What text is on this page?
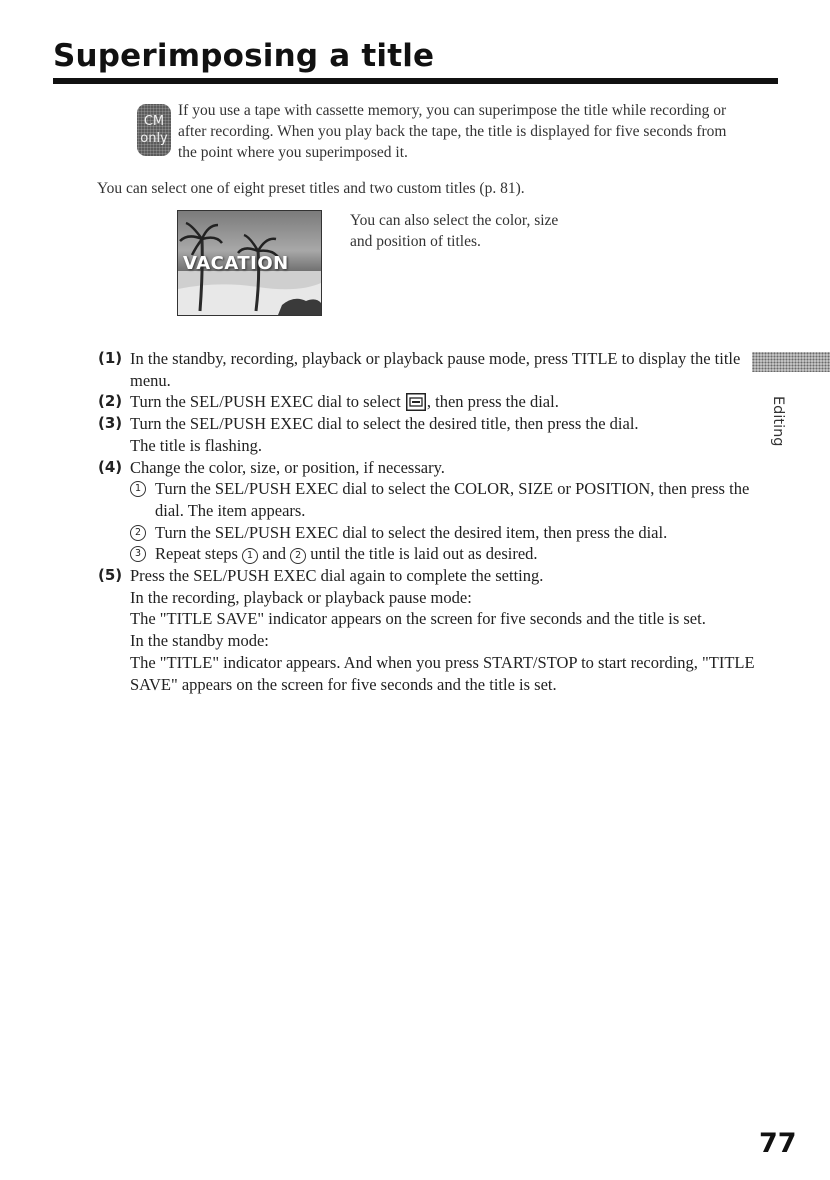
Superimposing a title
CM
only
If you use a tape with cassette memory, you can superimpose the title while recording or after recording. When you play back the tape, the title is displayed for five seconds from the point where you superimposed it.
You can select one of eight preset titles and two custom titles (p. 81).
VACATION
You can also select the color, size and position of titles.
(1) In the standby, recording, playback or playback pause mode, press TITLE to display the title menu.
(2) Turn the SEL/PUSH EXEC dial to select , then press the dial.
(3) Turn the SEL/PUSH EXEC dial to select the desired title, then press the dial.
The title is flashing.
(4) Change the color, size, or position, if necessary.
1 Turn the SEL/PUSH EXEC dial to select the COLOR, SIZE or POSITION, then press the dial. The item appears.
2 Turn the SEL/PUSH EXEC dial to select the desired item, then press the dial.
3 Repeat steps 1 and 2 until the title is laid out as desired.
(5) Press the SEL/PUSH EXEC dial again to complete the setting.
In the recording, playback or playback pause mode:
The "TITLE SAVE" indicator appears on the screen for five seconds and the title is set.
In the standby mode:
The "TITLE" indicator appears. And when you press START/STOP to start recording, "TITLE SAVE" appears on the screen for five seconds and the title is set.
Editing
77
